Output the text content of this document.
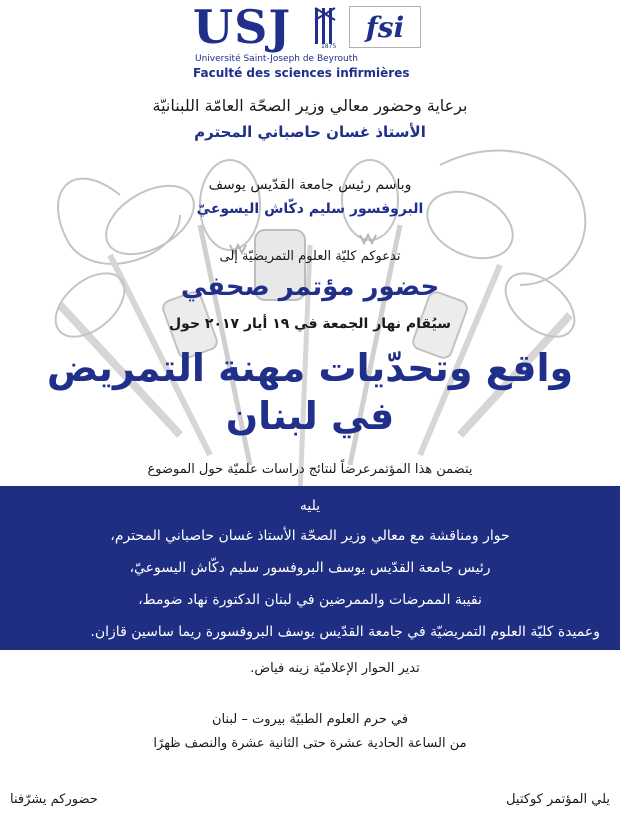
USJ	1875
Université Saint-Joseph de Beyrouth
Faculté des sciences infirmières
fsi
برعاية وحضور معالي وزير الصحّة العامّة اللبنانيّة
الأستاذ غسان حاصباني المحترم
وباسم رئيس جامعة القدّيس يوسف
البروفسور سليم دكّاش اليسوعيّ
تدعوكم كليّة العلوم التمريضيّة إلى
حضور مؤتمر صحفي
سيُقام نهار الجمعة في ١٩ أيار ٢٠١٧ حول
واقع وتحدّيات مهنة التمريض
في لبنان
يتضمن هذا المؤتمرعرضاً لنتائج دراسات علميّة حول الموضوع
يليه
حوار ومناقشة مع معالي وزير الصحّة الأستاذ غسان حاصباني المحترم،
رئيس جامعة القدّيس يوسف البروفسور سليم دكّاش اليسوعيّ،
نقيبة الممرضات والممرضين في لبنان الدكتورة نهاد ضومط،
وعميدة كليّة العلوم التمريضيّة في جامعة القدّيس يوسف البروفسورة ريما ساسين قازان.
تدير الحوار الإعلاميّة زينه فياض.
في حرم العلوم الطبيّة بيروت – لبنان
من الساعة الحادية عشرة حتى الثانية عشرة والنصف ظهرًا
يلي المؤتمر كوكتيل
حضوركم يشرّفنا
